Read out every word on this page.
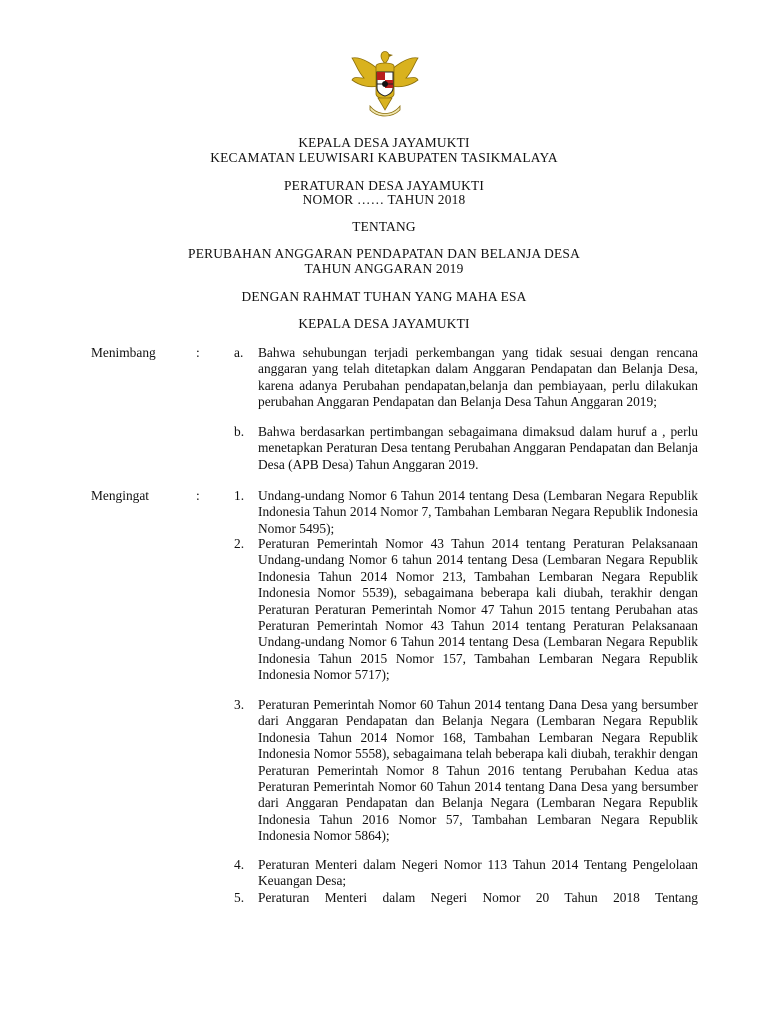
KEPALA DESA JAYAMUKTI
KECAMATAN LEUWISARI KABUPATEN TASIKMALAYA
PERATURAN DESA JAYAMUKTI
NOMOR …… TAHUN 2018
TENTANG
PERUBAHAN ANGGARAN PENDAPATAN DAN BELANJA DESA
TAHUN ANGGARAN 2019
DENGAN RAHMAT TUHAN YANG MAHA ESA
KEPALA DESA JAYAMUKTI
Menimbang	:	a. Bahwa sehubungan terjadi perkembangan yang tidak sesuai dengan rencana anggaran yang telah ditetapkan dalam Anggaran Pendapatan dan Belanja Desa, karena adanya Perubahan pendapatan,belanja dan pembiayaan, perlu dilakukan perubahan Anggaran Pendapatan dan Belanja Desa Tahun Anggaran 2019;
b. Bahwa berdasarkan pertimbangan sebagaimana dimaksud dalam huruf a , perlu menetapkan Peraturan Desa tentang Perubahan Anggaran Pendapatan dan Belanja Desa (APB Desa) Tahun Anggaran 2019.
Mengingat	:	1. Undang-undang Nomor 6 Tahun 2014 tentang Desa (Lembaran Negara Republik Indonesia Tahun 2014 Nomor 7, Tambahan Lembaran Negara Republik Indonesia Nomor 5495);
2. Peraturan Pemerintah Nomor 43 Tahun 2014 tentang Peraturan Pelaksanaan Undang-undang Nomor 6 tahun 2014 tentang Desa (Lembaran Negara Republik Indonesia Tahun 2014 Nomor 213, Tambahan Lembaran Negara Republik Indonesia Nomor 5539), sebagaimana beberapa kali diubah, terakhir dengan Peraturan Peraturan Pemerintah Nomor 47 Tahun 2015 tentang Perubahan atas Peraturan Pemerintah Nomor 43 Tahun 2014 tentang Peraturan Pelaksanaan Undang-undang Nomor 6 Tahun 2014 tentang Desa (Lembaran Negara Republik Indonesia Tahun 2015 Nomor 157, Tambahan Lembaran Negara Republik Indonesia Nomor 5717);
3. Peraturan Pemerintah Nomor 60 Tahun 2014 tentang Dana Desa yang bersumber dari Anggaran Pendapatan dan Belanja Negara (Lembaran Negara Republik Indonesia Tahun 2014 Nomor 168, Tambahan Lembaran Negara Republik Indonesia Nomor 5558), sebagaimana telah beberapa kali diubah, terakhir dengan Peraturan Pemerintah Nomor 8 Tahun 2016 tentang Perubahan Kedua atas Peraturan Pemerintah Nomor 60 Tahun 2014 tentang Dana Desa yang bersumber dari Anggaran Pendapatan dan Belanja Negara (Lembaran Negara Republik Indonesia Tahun 2016 Nomor 57, Tambahan Lembaran Negara Republik Indonesia Nomor 5864);
4. Peraturan Menteri dalam Negeri Nomor 113 Tahun 2014 Tentang Pengelolaan Keuangan Desa;
5. Peraturan Menteri dalam Negeri Nomor 20 Tahun 2018 Tentang
